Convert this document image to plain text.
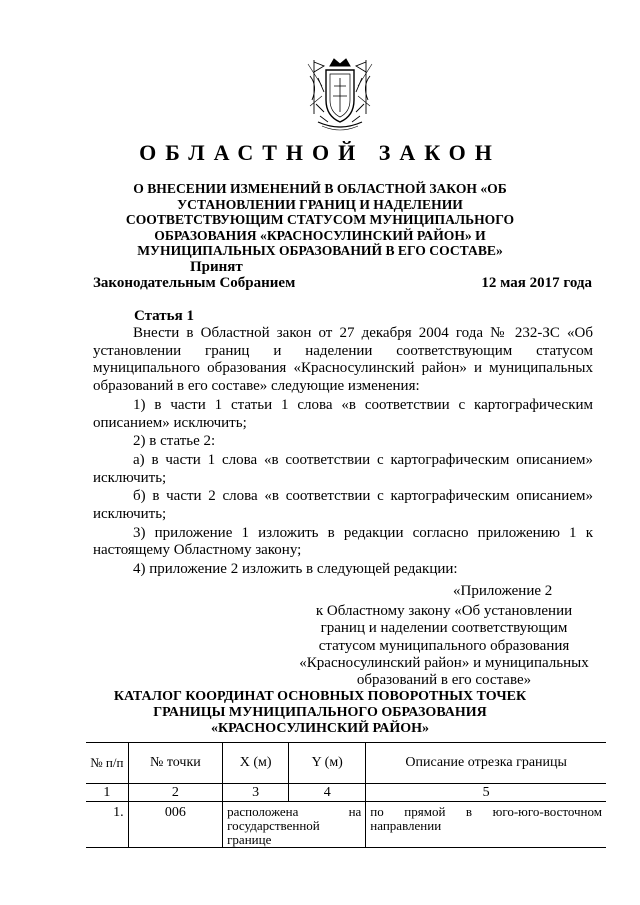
ОБЛАСТНОЙ ЗАКОН
О ВНЕСЕНИИ ИЗМЕНЕНИЙ В ОБЛАСТНОЙ ЗАКОН «ОБ УСТАНОВЛЕНИИ ГРАНИЦ И НАДЕЛЕНИИ СООТВЕТСТВУЮЩИМ СТАТУСОМ МУНИЦИПАЛЬНОГО ОБРАЗОВАНИЯ «КРАСНОСУЛИНСКИЙ РАЙОН» И МУНИЦИПАЛЬНЫХ ОБРАЗОВАНИЙ В ЕГО СОСТАВЕ»
Принят
Законодательным Собранием	12 мая 2017 года
Статья 1

Внести в Областной закон от 27 декабря 2004 года № 232-ЗС «Об установлении границ и наделении соответствующим статусом муниципального образования «Красносулинский район» и муниципальных образований в его составе» следующие изменения:

1) в части 1 статьи 1 слова «в соответствии с картографическим описанием» исключить;

2) в статье 2:

а) в части 1 слова «в соответствии с картографическим описанием» исключить;

б) в части 2 слова «в соответствии с картографическим описанием» исключить;

3) приложение 1 изложить в редакции согласно приложению 1 к настоящему Областному закону;

4) приложение 2 изложить в следующей редакции:

«Приложение 2
к Областному закону «Об установлении границ и наделении соответствующим статусом муниципального образования «Красносулинский район» и муниципальных образований в его составе»
КАТАЛОГ КООРДИНАТ ОСНОВНЫХ ПОВОРОТНЫХ ТОЧЕК ГРАНИЦЫ МУНИЦИПАЛЬНОГО ОБРАЗОВАНИЯ «КРАСНОСУЛИНСКИЙ РАЙОН»
№ п/п	№ точки	X (м)	Y (м)	Описание отрезка границы
1	2	3	4	5
1.	006	расположена на государственной границе		по прямой в юго-юго-восточном направлении
